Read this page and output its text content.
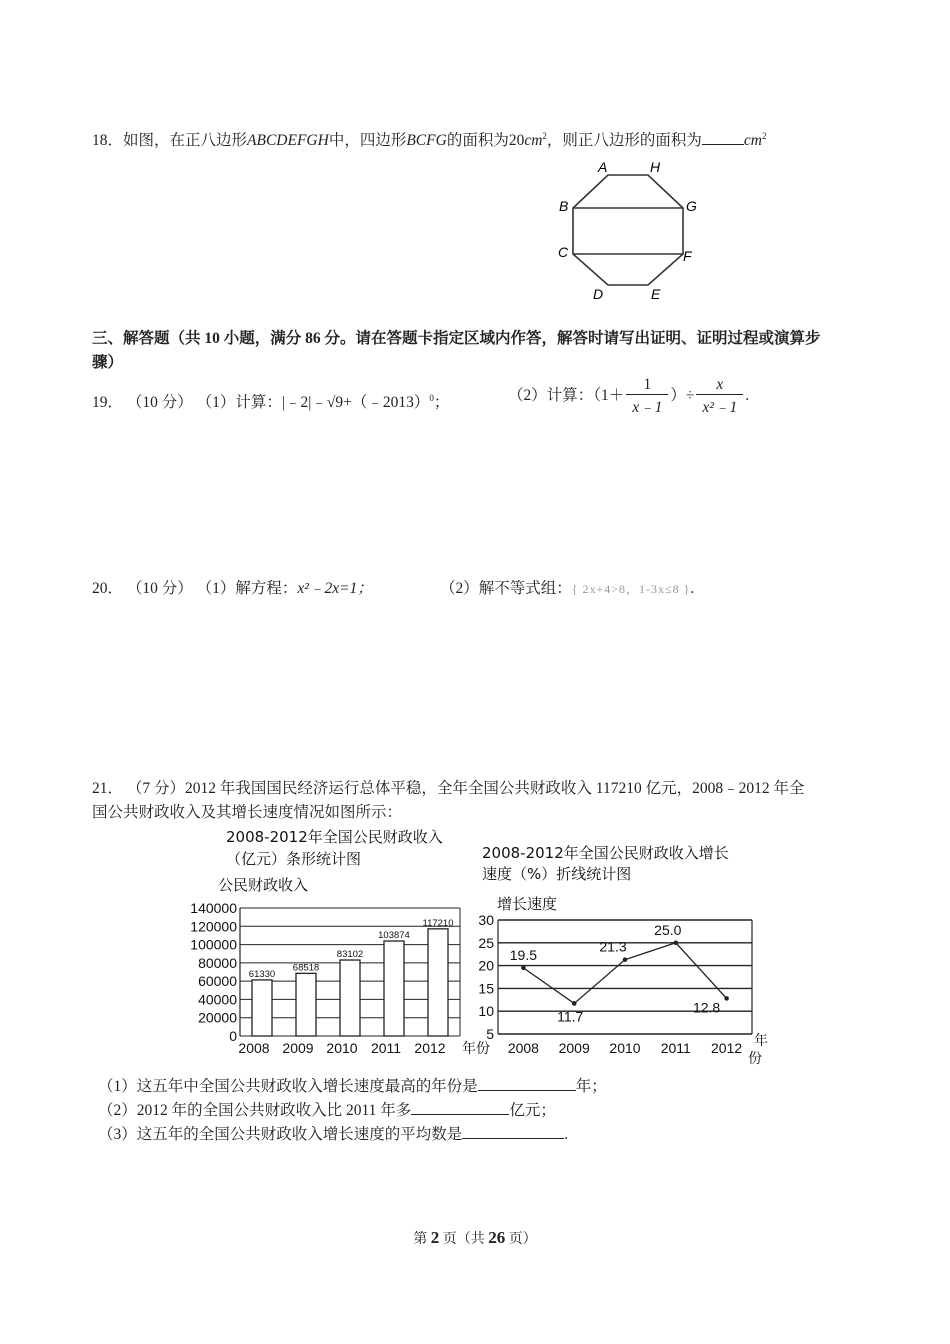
18．如图，在正八边形ABCDEFGH中，四边形BCFG的面积为$20cm^2$，则正八边形的面积为	$cm^2$
A	H
G
F
E
D
C
B
三、解答题（共 10 小题，满分 86 分。请在答题卡指定区域内作答，解答时请写出证明、证明过程或演算步
骤）
19． （10 分） （1）计算：|﹣2|﹣√9+（﹣2013）$^0$；	（2）计算：（$1+ \frac{1}{x﹣1}$ ）÷ $\frac{x}{\text{x²﹣1}}$ .
20． （10 分） （1）解方程：x²﹣2x=1；	（2）解不等式组：{ 2x+4>8，1-3x≤8 }.
21． （7 分）2012 年我国国民经济运行总体平稳，全年全国公共财政收入 117210 亿元，2008﹣2012 年全
国公共财政收入及其增长速度情况如图所示：
2008-2012年全国公民财政收入
（亿元）条形统计图
公民财政收入
2008-2012年全国公民财政收入增长
速度（%）折线统计图
增长速度
0
20000
40000
60000
80000
100000
120000
140000
61330
2008
68518
2009
83102
2010
103874
2011
117210
2012 年份
5
10
15
20
25
30
19.5
2008
11.7
2009
21.3
2010
25.0
2011
12.8
2012 年
份
（1）这五年中全国公共财政收入增长速度最高的年份是	年；
（2）2012 年的全国公共财政收入比 2011 年多	亿元；
（3）这五年的全国公共财政收入增长速度的平均数是	.
第 2 页（共 26 页）
